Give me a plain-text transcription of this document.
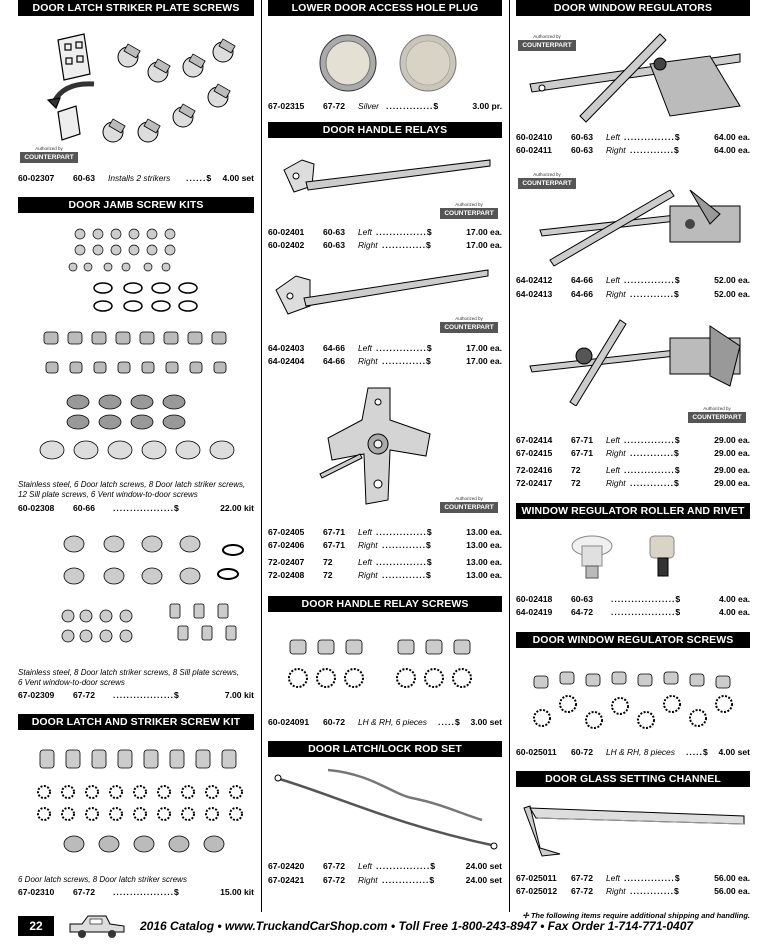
DOOR LATCH STRIKER PLATE SCREWS
Authorized by
COUNTERPART
60-02307 60-63 Installs 2 strikers ......$ 4.00 set
DOOR JAMB SCREW KITS
Stainless steel, 6 Door latch screws, 8 Door latch striker screws,
12 Sill plate screws, 6 Vent window-to-door screws
60-02308 60-66 ..................$	22.00 kit
Stainless steel, 8 Door latch striker screws, 8 Sill plate screws,
6 Vent window-to-door screws
67-02309 67-72 ..................$	7.00 kit
DOOR LATCH AND STRIKER SCREW KIT
6 Door latch screws, 8 Door latch striker screws
67-02310 67-72 ..................$	15.00 kit
LOWER DOOR ACCESS HOLE PLUG
67-02315 67-72 Silver ..............$	3.00 pr.
DOOR HANDLE RELAYS
Authorized by
COUNTERPART
60-02401 60-63 Left ...............$	17.00 ea.
60-02402 60-63 Right .............$	17.00 ea.
Authorized by
COUNTERPART
64-02403 64-66 Left ...............$	17.00 ea.
64-02404 64-66 Right .............$	17.00 ea.
Authorized by
COUNTERPART
67-02405 67-71 Left ...............$	13.00 ea.
67-02406 67-71 Right .............$	13.00 ea.
72-02407 72	Left ...............$	13.00 ea.
72-02408 72	Right .............$	13.00 ea.
DOOR HANDLE RELAY SCREWS
60-024091 60-72 LH & RH, 6 pieces .....$ 3.00 set
DOOR LATCH/LOCK ROD SET
67-02420 67-72 Left ................$	24.00 set
67-02421 67-72 Right ..............$	24.00 set
DOOR WINDOW REGULATORS
Authorized by
COUNTERPART
60-02410 60-63 Left ...............$	64.00 ea.
60-02411 60-63 Right .............$	64.00 ea.
Authorized by
COUNTERPART
64-02412 64-66 Left ...............$	52.00 ea.
64-02413 64-66 Right .............$	52.00 ea.
Authorized by
COUNTERPART
67-02414 67-71 Left ...............$	29.00 ea.
67-02415 67-71 Right .............$	29.00 ea.
72-02416 72	Left ...............$	29.00 ea.
72-02417 72	Right .............$	29.00 ea.
WINDOW REGULATOR ROLLER AND RIVET
60-02418 60-63 ...................$	4.00 ea.
64-02419 64-72 ...................$	4.00 ea.
DOOR WINDOW REGULATOR SCREWS
60-025011 60-72 LH & RH, 8 pieces .....$ 4.00 set
DOOR GLASS SETTING CHANNEL
67-025011 67-72 Left ...............$	56.00 ea.
67-025012 67-72 Right .............$	56.00 ea.
✢ The following items require additional shipping and handling.
22	2016 Catalog • www.TruckandCarShop.com • Toll Free 1-800-243-8947 • Fax Order 1-714-771-0407
